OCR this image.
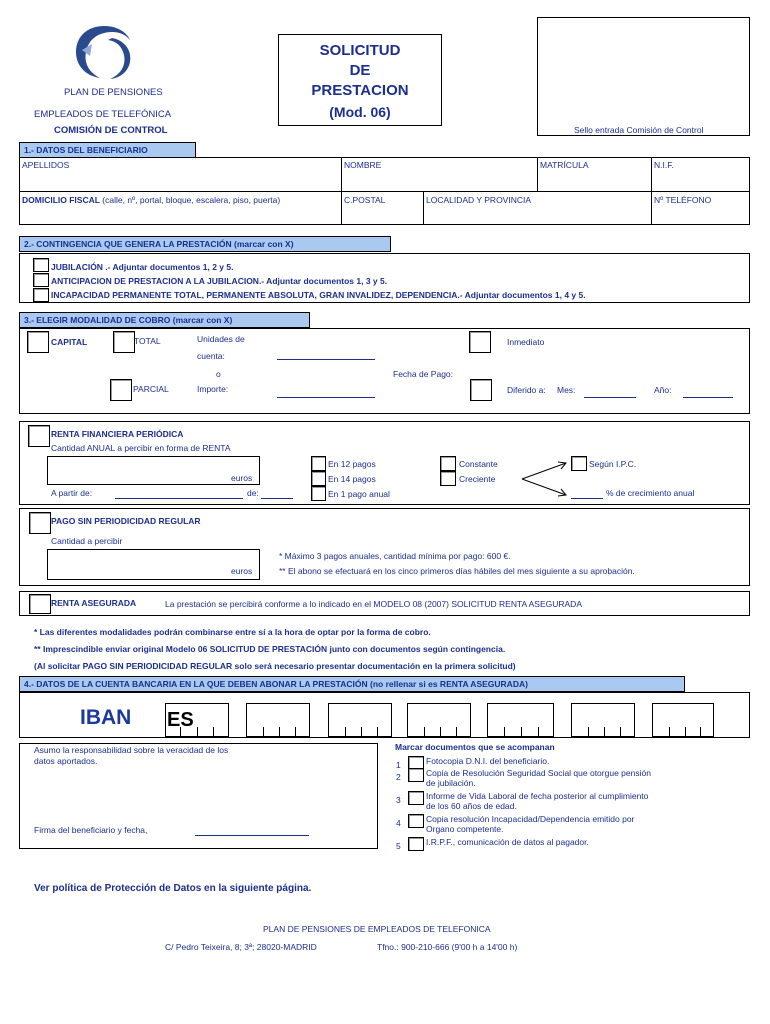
PLAN DE PENSIONES
EMPLEADOS DE TELEFÓNICA
COMISIÓN DE CONTROL
SOLICITUD
DE
PRESTACION
(Mod. 06)
Sello entrada Comisión de Control
1.- DATOS DEL BENEFICIARIO
APELLIDOS	NOMBRE	MATRÍCULA	N.I.F.
DOMICILIO FISCAL (calle, nº, portal, bloque, escalera, piso, puerta)	C.POSTAL	LOCALIDAD Y PROVINCIA	Nº TELÉFONO
2.- CONTINGENCIA QUE GENERA LA PRESTACIÓN (marcar con X)
JUBILACIÓN .- Adjuntar documentos 1, 2 y 5.
ANTICIPACION DE PRESTACION A LA JUBILACION.- Adjuntar documentos 1, 3 y 5.
INCAPACIDAD PERMANENTE TOTAL, PERMANENTE ABSOLUTA, GRAN INVALIDEZ, DEPENDENCIA.- Adjuntar documentos 1, 4 y 5.
3.- ELEGIR MODALIDAD DE COBRO (marcar con X)
CAPITAL	TOTAL	Unidades de
cuenta:
o
PARCIAL	Importe:
Inmediato
Fecha de Pago:
Diferido a: Mes:	Año:
RENTA FINANCIERA PERIÓDICA
Cantidad ANUAL a percibir en forma de RENTA
euros
A partir de:	de:
En 12 pagos
En 14 pagos
En 1 pago anual
Constante
Creciente
Según I.P.C.
% de crecimiento anual
PAGO SIN PERIODICIDAD REGULAR
Cantidad a percibir
euros
* Máximo 3 pagos anuales, cantidad mínima por pago: 600 €.
** El abono se efectuará en los cinco primeros días hábiles del mes siguiente a su aprobación.
RENTA ASEGURADA	La prestación se percibirá conforme a lo indicado en el MODELO 08 (2007) SOLICITUD RENTA ASEGURADA
* Las diferentes modalidades podrán combinarse entre sí a la hora de optar por la forma de cobro.
** Imprescindible enviar original Modelo 06 SOLICITUD DE PRESTACIÓN junto con documentos según contingencia.
(Al solicitar PAGO SIN PERIODICIDAD REGULAR solo será necesario presentar documentación en la primera solicitud)
4.- DATOS DE LA CUENTA BANCARIA EN LA QUE DEBEN ABONAR LA PRESTACIÓN (no rellenar si es RENTA ASEGURADA)
IBAN ES
Asumo la responsabilidad sobre la veracidad de los
datos aportados.
Firma del beneficiario y fecha,
Marcar documentos que se acompanan
1	Fotocopia D.N.I. del beneficiario.
2	Copia de Resolución Seguridad Social que otorgue pensión
de jubilación.
3	Informe de Vida Laboral de fecha posterior al cumplimiento
de los 60 años de edad.
4	Copia resolución Incapacidad/Dependencia emitido por
Organo competente.
5	I.R.P.F., comunicación de datos al pagador.
Ver política de Protección de Datos en la siguiente página.
PLAN DE PENSIONES DE EMPLEADOS DE TELEFONICA
C/ Pedro Teixeira, 8; 3ª; 28020-MADRID	Tfno.: 900-210-666 (9'00 h a 14'00 h)
